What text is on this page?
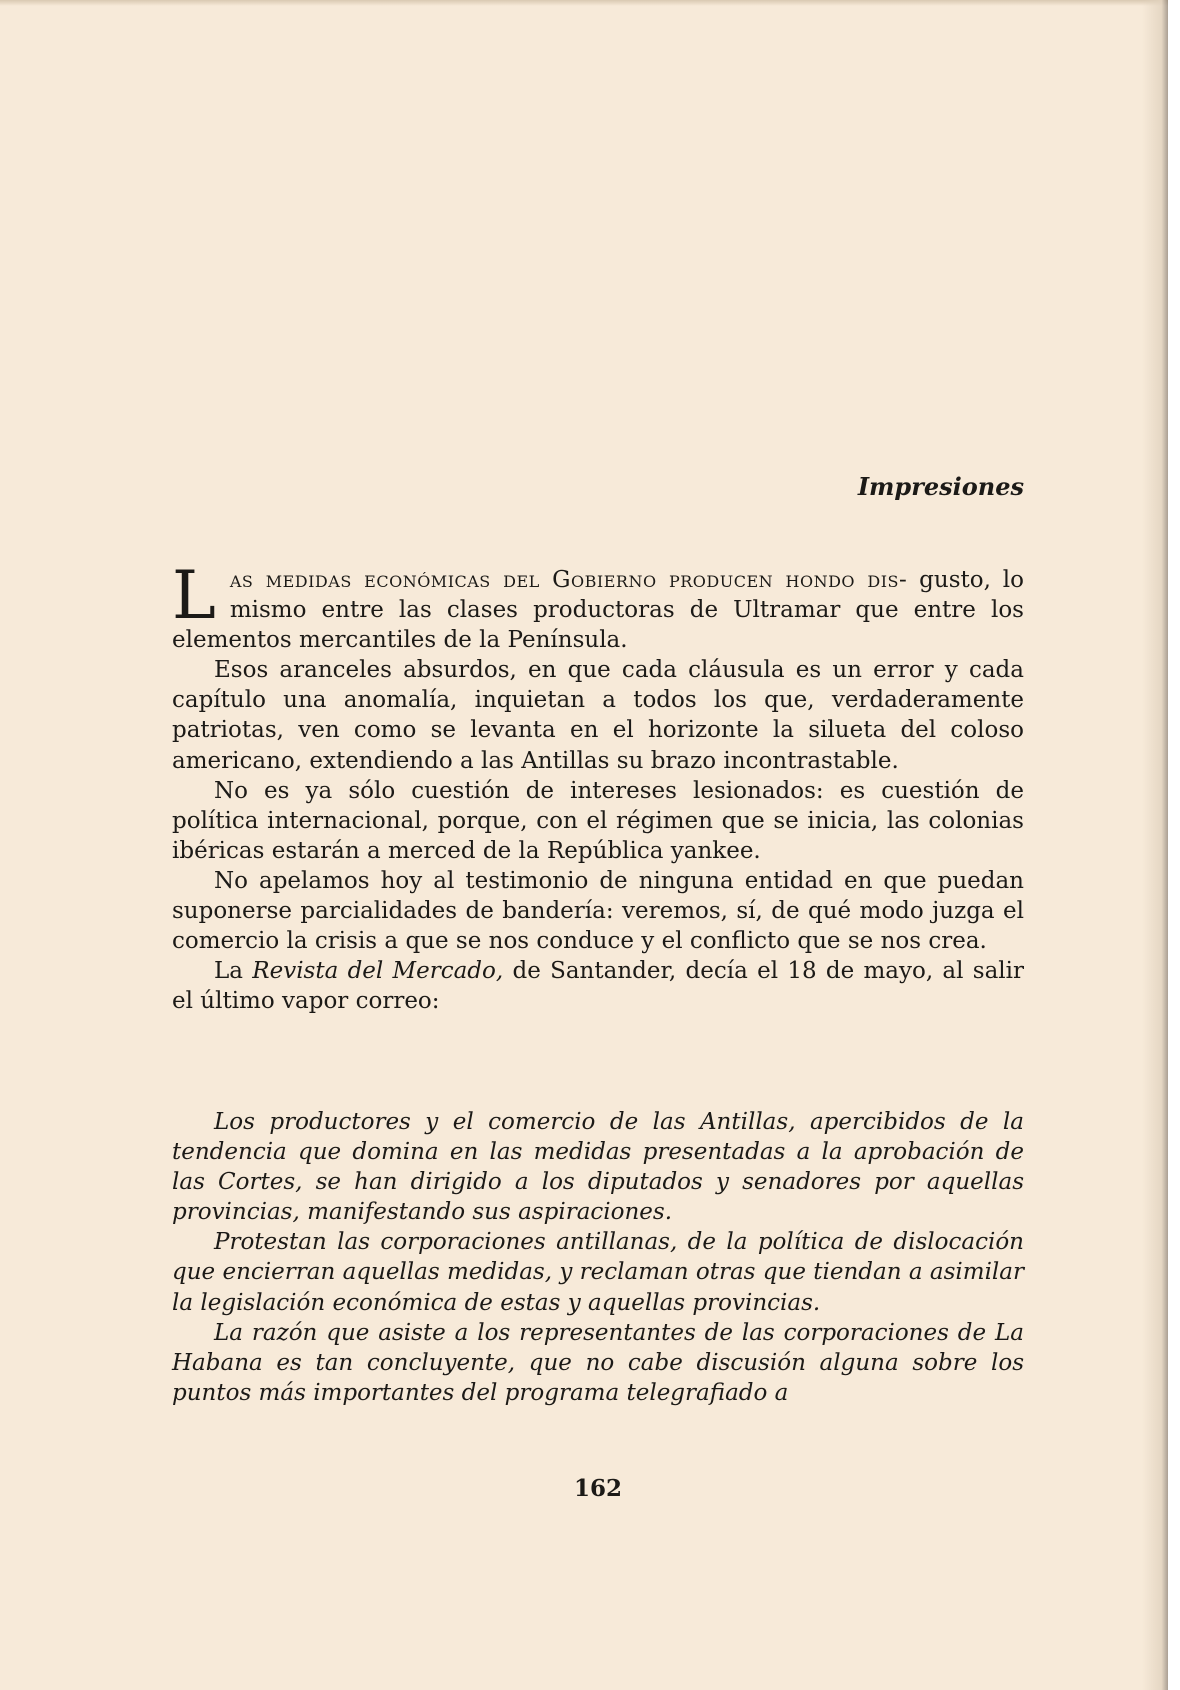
Impresiones

Las medidas económicas del Gobierno producen hondo dis- gusto, lo mismo entre las clases productoras de Ultramar que entre los elementos mercantiles de la Península.

Esos aranceles absurdos, en que cada cláusula es un error y cada capítulo una anomalía, inquietan a todos los que, verdaderamente patriotas, ven como se levanta en el horizonte la silueta del coloso americano, extendiendo a las Antillas su brazo incontrastable.

No es ya sólo cuestión de intereses lesionados: es cuestión de política internacional, porque, con el régimen que se inicia, las colonias ibéricas estarán a merced de la República yankee.

No apelamos hoy al testimonio de ninguna entidad en que puedan suponerse parcialidades de bandería: veremos, sí, de qué modo juzga el comercio la crisis a que se nos conduce y el conflicto que se nos crea.

La Revista del Mercado, de Santander, decía el 18 de mayo, al salir el último vapor correo:

Los productores y el comercio de las Antillas, apercibidos de la tendencia que domina en las medidas presentadas a la aprobación de las Cortes, se han dirigido a los diputados y senadores por aquellas provincias, manifestando sus aspiraciones.

Protestan las corporaciones antillanas, de la política de dislocación que encierran aquellas medidas, y reclaman otras que tiendan a asimilar la legislación económica de estas y aquellas provincias.

La razón que asiste a los representantes de las corporaciones de La Habana es tan concluyente, que no cabe discusión alguna sobre los puntos más importantes del programa telegrafiado a

162
